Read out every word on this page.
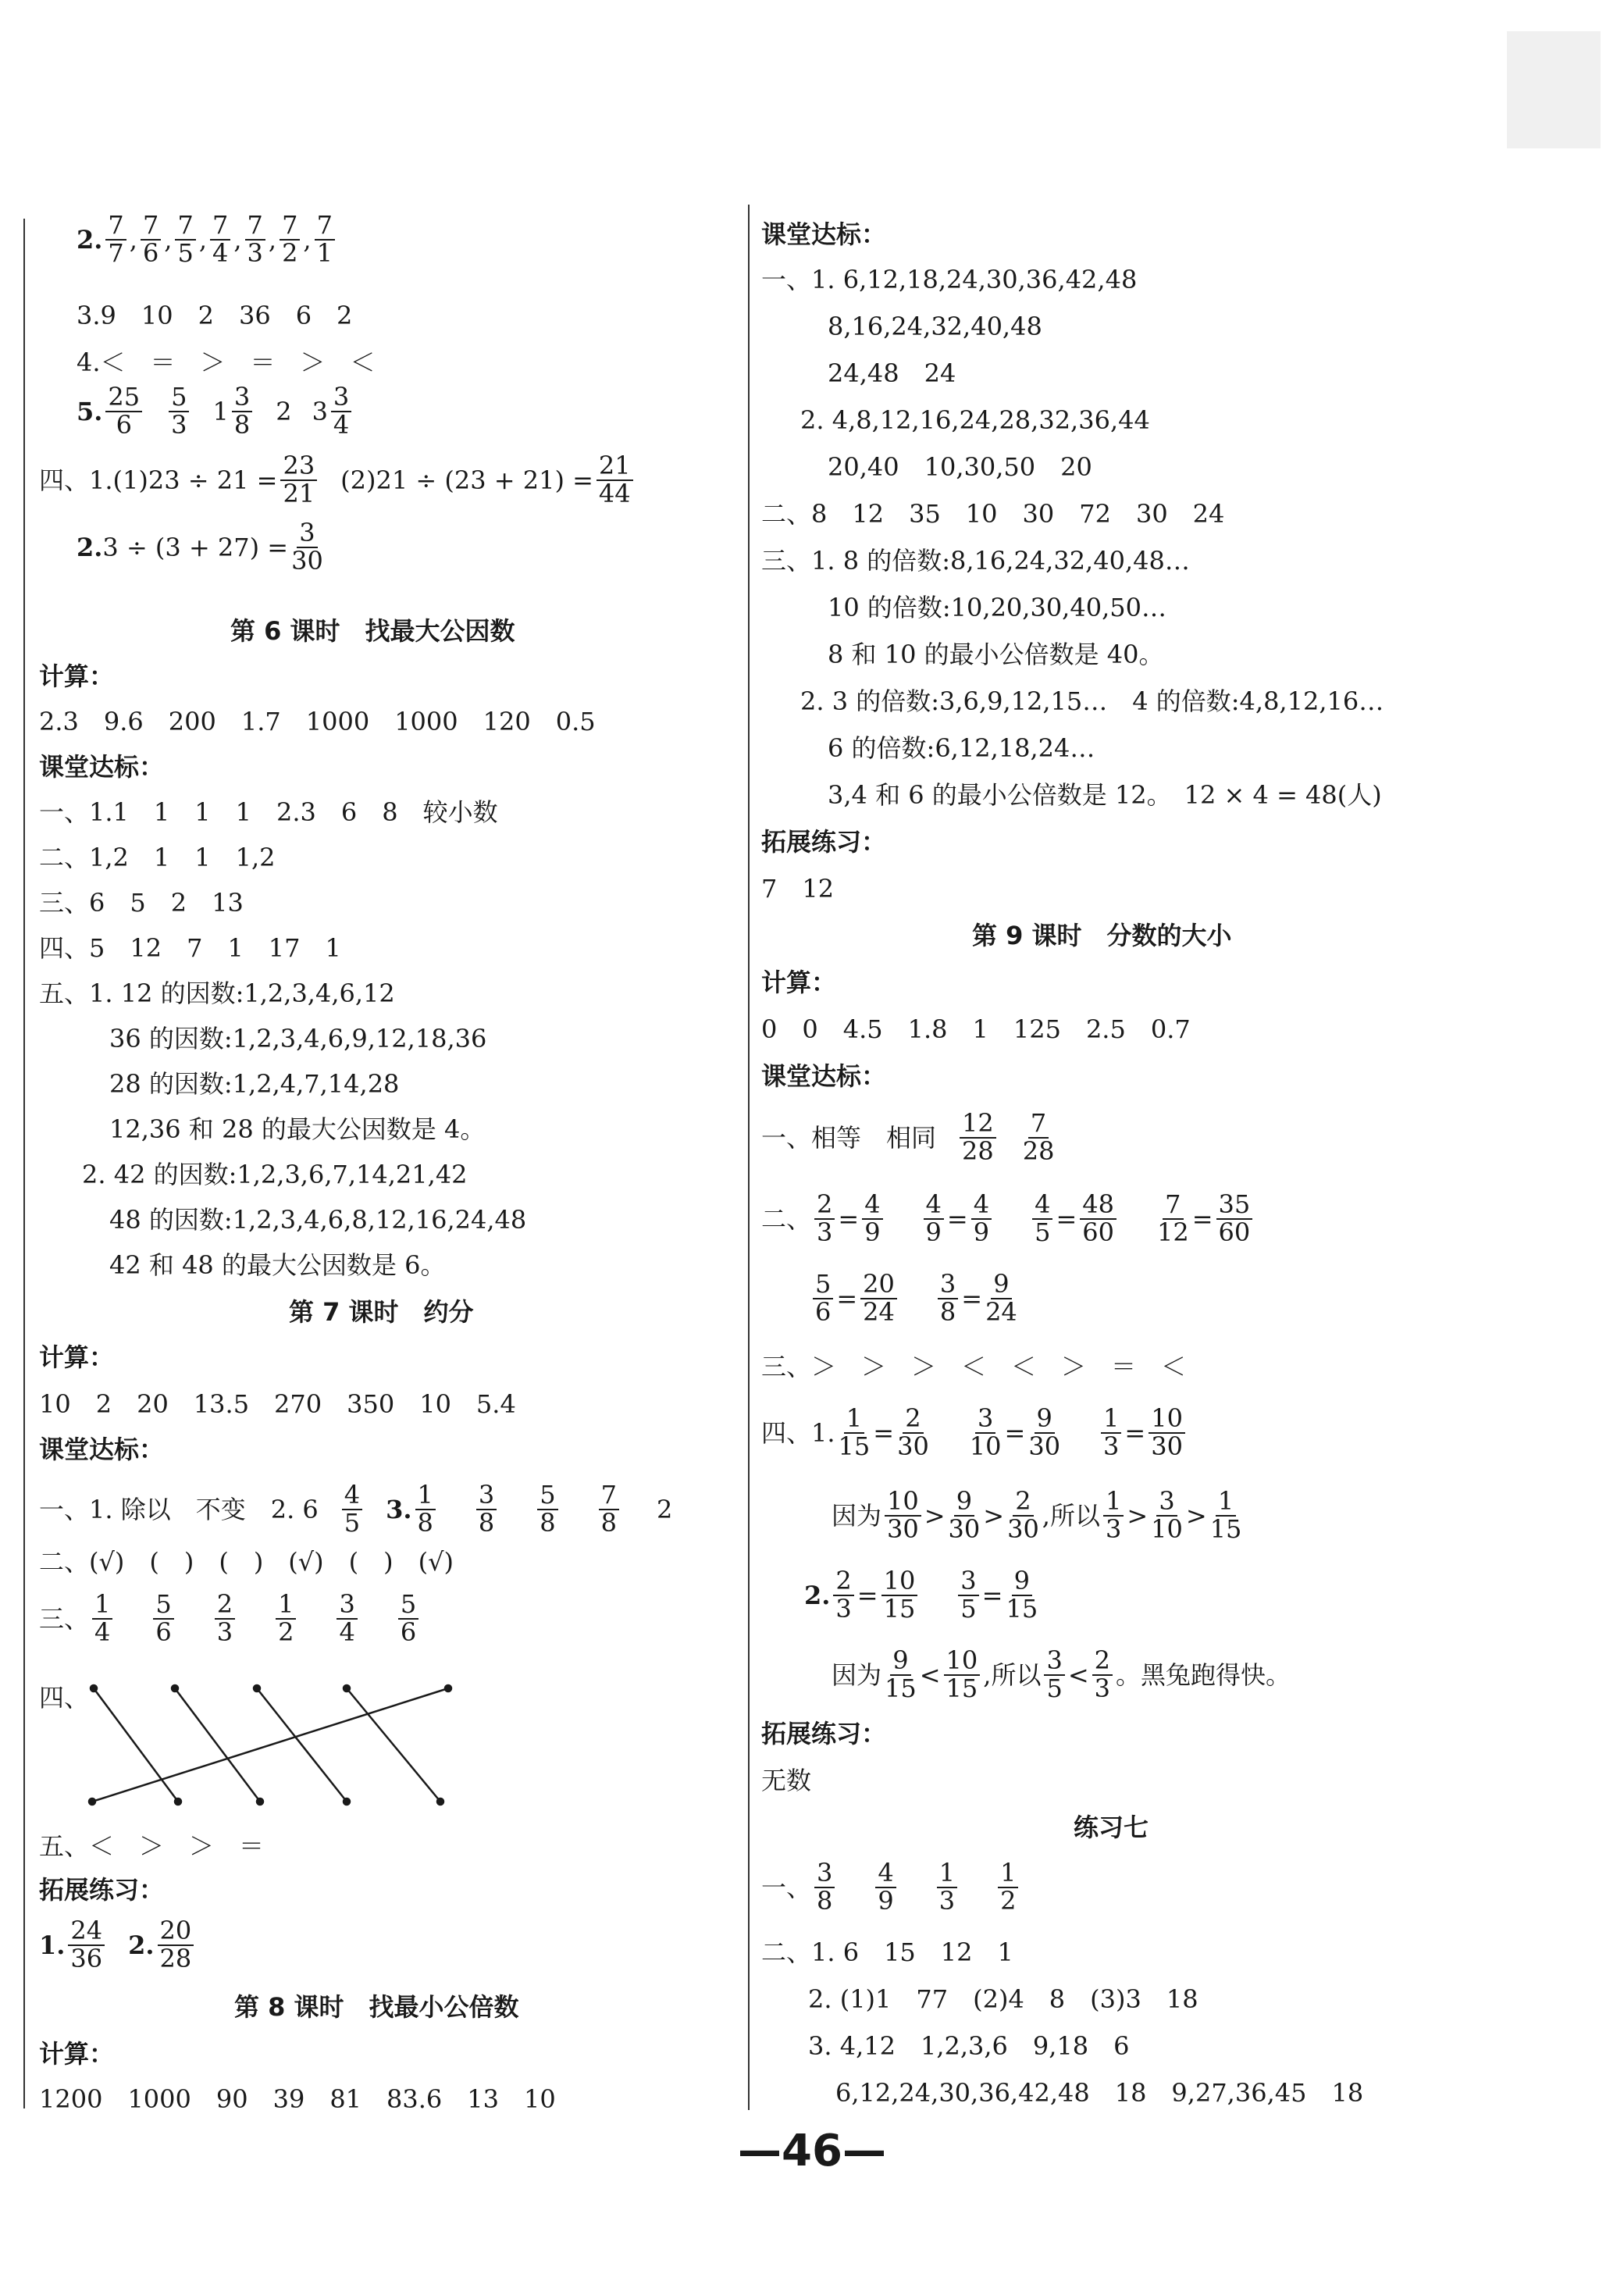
2. $\frac{7}{7}$ , $\frac{7}{6}$ , $\frac{7}{5}$ , $\frac{7}{4}$ , $\frac{7}{3}$ , $\frac{7}{2}$ , $\frac{7}{1}$
3.9　10　2　36　6　2
4.＜　＝　＞　＝　＞　＜
5. $\frac{25}{6} \frac{5}{3} 1 \frac{3}{8} 2$ $3 \frac{3}{4}$
四、1. $(1)23 \div 21 = \frac{23}{21} (2)21 \div (23 + 21) = \frac{21}{44}$
2. $3 \div (3 + 27) = \frac{3}{30}$
第 6 课时　找最大公因数
计算：
2.3　9.6　200　1.7　1000　1000　120　0.5
课堂达标：
一、1.1　1　1　1　2.3　6　8　较小数
二、1,2　1　1　1,2
三、6　5　2　13
四、5　12　7　1　17　1
五、1. 12 的因数:1,2,3,4,6,12
36 的因数:1,2,3,4,6,9,12,18,36
28 的因数:1,2,4,7,14,28
12,36 和 28 的最大公因数是 4。
2. 42 的因数:1,2,3,6,7,14,21,42
48 的因数:1,2,3,4,6,8,12,16,24,48
42 和 48 的最大公因数是 6。
第 7 课时　约分
计算：
10　2　20　13.5　270　350　10　5.4
课堂达标：
一、1. 除以　不变　2. $6 \frac{4}{5} 3$. $\frac{1}{8} \frac{3}{8} \frac{5}{8} \frac{7}{8} 2$
二、(√)　(　)　(　)　(√)　(　)　(√)
三、 $\frac{1}{4} \frac{5}{6} \frac{2}{3} \frac{1}{2} \frac{3}{4} \frac{5}{6}$
四、
五、＜　＞　＞　＝
拓展练习：
1. $\frac{24}{36} 2$. $\frac{20}{28}$
第 8 课时　找最小公倍数
计算：
1200　1000　90　39　81　83.6　13　10
课堂达标：
一、1. 6,12,18,24,30,36,42,48
8,16,24,32,40,48
24,48　24
2. 4,8,12,16,24,28,32,36,44
20,40　10,30,50　20
二、8　12　35　10　30　72　30　24
三、1. 8 的倍数:8,16,24,32,40,48…
10 的倍数:10,20,30,40,50…
8 和 10 的最小公倍数是 40。
2. 3 的倍数:3,6,9,12,15…　4 的倍数:4,8,12,16…
6 的倍数:6,12,18,24…
3,4 和 6 的最小公倍数是 12。　12 × 4 = 48(人)
拓展练习：
7　12
第 9 课时　分数的大小
计算：
0　0　4.5　1.8　1　125　2.5　0.7
课堂达标：
一、相等　相同 $\frac{12}{28} \frac{7}{28}$
二、 $\frac{2}{3} = \frac{4}{9} \frac{4}{9} = \frac{4}{9} \frac{4}{5} = \frac{48}{60} \frac{7}{12} = \frac{35}{60}$
$\frac{5}{6} = \frac{20}{24} \frac{3}{8} = \frac{9}{24}$
三、＞　＞　＞　＜　＜　＞　＝　＜
四、1. $\frac{1}{15} = \frac{2}{30} \frac{3}{10} = \frac{9}{30} \frac{1}{3} = \frac{10}{30}$
因为 $\frac{10}{30} > \frac{9}{30} > \frac{2}{30}$ ,所以 $\frac{1}{3} > \frac{3}{10} > \frac{1}{15}$
2. $\frac{2}{3} = \frac{10}{15} \frac{3}{5} = \frac{9}{15}$
因为 $\frac{9}{15} < \frac{10}{15}$ ,所以 $\frac{3}{5} < \frac{2}{3}$ 。黑兔跑得快。
拓展练习：
无数
练习七
一、 $\frac{3}{8} \frac{4}{9} \frac{1}{3} \frac{1}{2}$
二、1. 6　15　12　1
2. (1)1　77　(2)4　8　(3)3　18
3. 4,12　1,2,3,6　9,18　6
6,12,24,30,36,42,48　18　9,27,36,45　18
—46—
